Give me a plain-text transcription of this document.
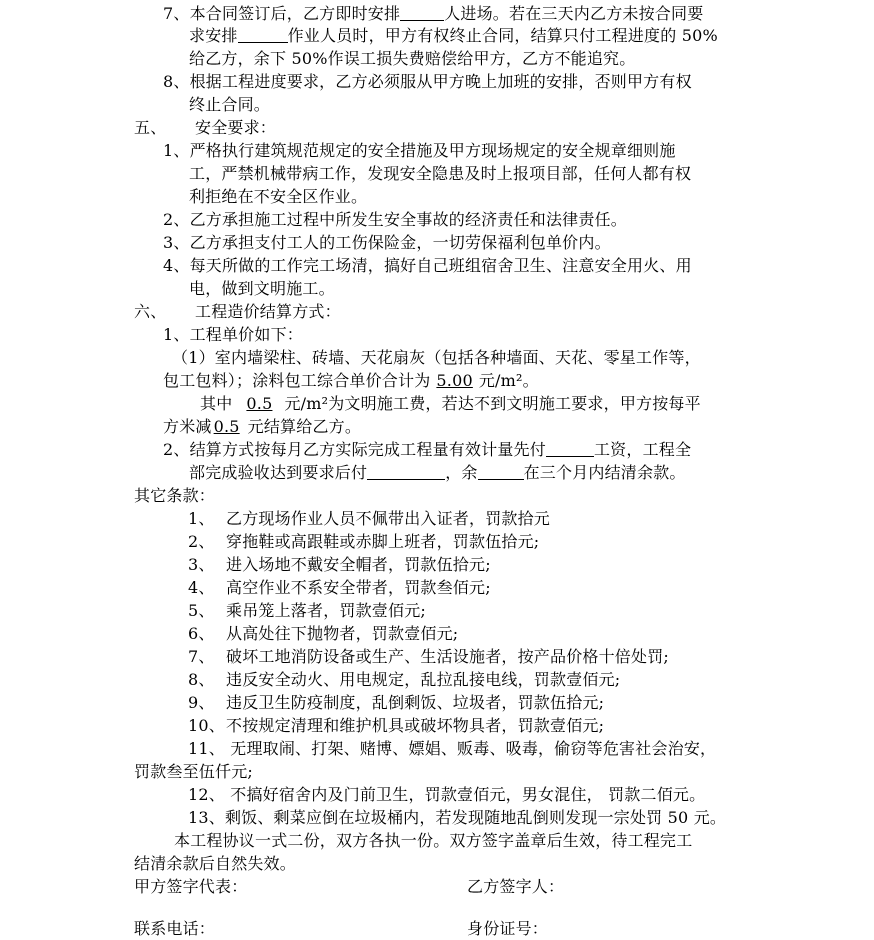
7、本合同签订后，乙方即时安排	人进场。若在三天内乙方未按合同要
求安排	作业人员时，甲方有权终止合同，结算只付工程进度的 50%
给乙方，余下 50%作误工损失费赔偿给甲方，乙方不能追究。
8、根据工程进度要求，乙方必须服从甲方晚上加班的安排，否则甲方有权
终止合同。
五、 安全要求：
1、严格执行建筑规范规定的安全措施及甲方现场规定的安全规章细则施
工，严禁机械带病工作，发现安全隐患及时上报项目部，任何人都有权
利拒绝在不安全区作业。
2、乙方承担施工过程中所发生安全事故的经济责任和法律责任。
3、乙方承担支付工人的工伤保险金，一切劳保福利包单价内。
4、每天所做的工作完工场清，搞好自己班组宿舍卫生、注意安全用火、用
电，做到文明施工。
六、 工程造价结算方式：
1、工程单价如下：
（1）室内墙梁柱、砖墙、天花扇灰（包括各种墙面、天花、零星工作等，
包工包料）；涂料包工综合单价合计为 5.00 元/m²。
其中 0.5 元/m²为文明施工费，若达不到文明施工要求，甲方按每平
方米减 0.5 元结算给乙方。
2、结算方式按每月乙方实际完成工程量有效计量先付	工资，工程全
部完成验收达到要求后付	，余	在三个月内结清余款。
其它条款：
1、 乙方现场作业人员不佩带出入证者，罚款拾元
2、 穿拖鞋或高跟鞋或赤脚上班者，罚款伍拾元;
3、 进入场地不戴安全帽者，罚款伍拾元;
4、 高空作业不系安全带者，罚款叁佰元;
5、 乘吊笼上落者，罚款壹佰元;
6、 从高处往下抛物者，罚款壹佰元;
7、 破坏工地消防设备或生产、生活设施者，按产品价格十倍处罚;
8、 违反安全动火、用电规定，乱拉乱接电线，罚款壹佰元;
9、 违反卫生防疫制度，乱倒剩饭、垃圾者，罚款伍拾元;
10、 不按规定清理和维护机具或破坏物具者，罚款壹佰元;
11、 无理取闹、打架、赌博、嫖娼、贩毒、吸毒，偷窃等危害社会治安，
罚款叁至伍仟元;
12、 不搞好宿舍内及门前卫生，罚款壹佰元，男女混住， 罚款二佰元。
13、剩饭、剩菜应倒在垃圾桶内，若发现随地乱倒则发现一宗处罚 50 元。
本工程协议一式二份，双方各执一份。双方签字盖章后生效，待工程完工
结清余款后自然失效。
甲方签字代表：	乙方签字人：
联系电话：	身份证号：
